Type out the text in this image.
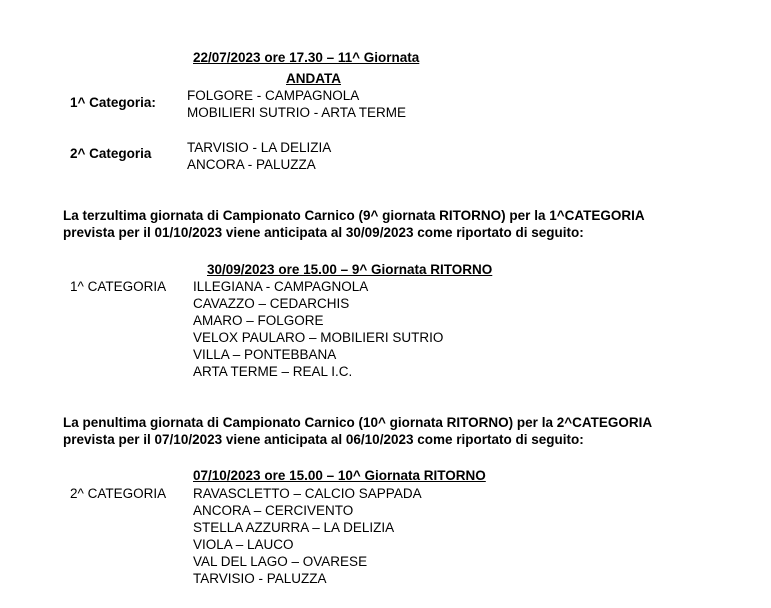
22/07/2023 ore 17.30 – 11^ Giornata
ANDATA
1^ Categoria: FOLGORE - CAMPAGNOLA
MOBILIERI SUTRIO - ARTA TERME
2^ Categoria	TARVISIO - LA DELIZIA
ANCORA - PALUZZA
La terzultima giornata di Campionato Carnico (9^ giornata RITORNO) per la 1^CATEGORIA
prevista per il 01/10/2023 viene anticipata al 30/09/2023 come riportato di seguito:
30/09/2023 ore 15.00 – 9^ Giornata RITORNO
1^ CATEGORIA ILLEGIANA - CAMPAGNOLA
CAVAZZO – CEDARCHIS
AMARO – FOLGORE
VELOX PAULARO – MOBILIERI SUTRIO
VILLA – PONTEBBANA
ARTA TERME – REAL I.C.
La penultima giornata di Campionato Carnico (10^ giornata RITORNO) per la 2^CATEGORIA
prevista per il 07/10/2023 viene anticipata al 06/10/2023 come riportato di seguito:
07/10/2023 ore 15.00 – 10^ Giornata RITORNO
2^ CATEGORIA RAVASCLETTO – CALCIO SAPPADA
ANCORA – CERCIVENTO
STELLA AZZURRA – LA DELIZIA
VIOLA – LAUCO
VAL DEL LAGO – OVARESE
TARVISIO - PALUZZA
